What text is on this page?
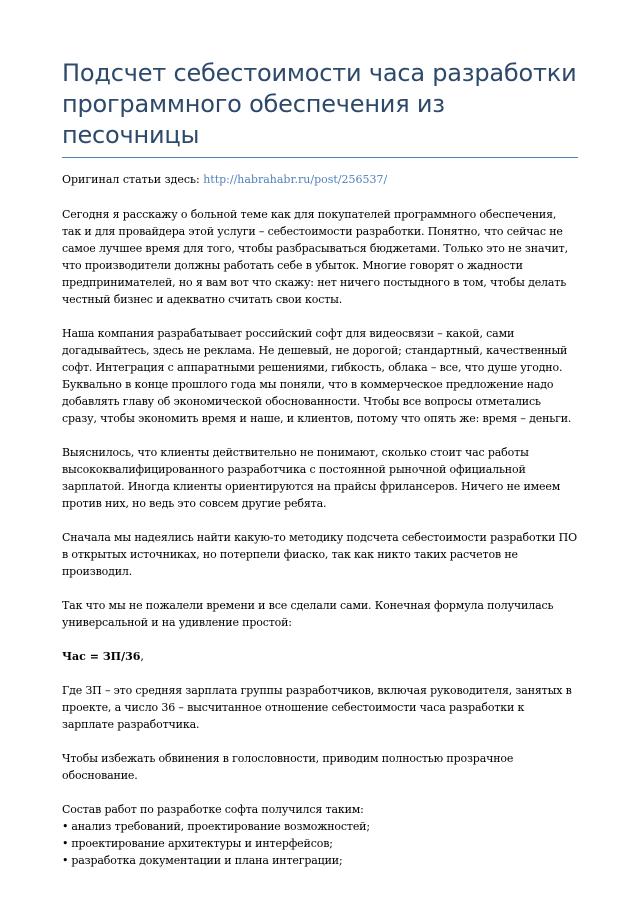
Подсчет себестоимости часа разработки программного обеспечения из песочницы
Оригинал статьи здесь: http://habrahabr.ru/post/256537/

Сегодня я расскажу о больной теме как для покупателей программного обеспечения, так и для провайдера этой услуги – себестоимости разработки. Понятно, что сейчас не самое лучшее время для того, чтобы разбрасываться бюджетами. Только это не значит, что производители должны работать себе в убыток. Многие говорят о жадности предпринимателей, но я вам вот что скажу: нет ничего постыдного в том, чтобы делать честный бизнес и адекватно считать свои косты.

Наша компания разрабатывает российский софт для видеосвязи – какой, сами догадывайтесь, здесь не реклама. Не дешевый, не дорогой; стандартный, качественный софт. Интеграция с аппаратными решениями, гибкость, облака – все, что душе угодно. Буквально в конце прошлого года мы поняли, что в коммерческое предложение надо добавлять главу об экономической обоснованности. Чтобы все вопросы отметались сразу, чтобы экономить время и наше, и клиентов, потому что опять же: время – деньги.

Выяснилось, что клиенты действительно не понимают, сколько стоит час работы высококвалифицированного разработчика с постоянной рыночной официальной зарплатой. Иногда клиенты ориентируются на прайсы фрилансеров. Ничего не имеем против них, но ведь это совсем другие ребята.

Сначала мы надеялись найти какую-то методику подсчета себестоимости разработки ПО в открытых источниках, но потерпели фиаско, так как никто таких расчетов не производил.

Так что мы не пожалели времени и все сделали сами. Конечная формула получилась универсальной и на удивление простой:

Час = ЗП/36,

Где ЗП – это средняя зарплата группы разработчиков, включая руководителя, занятых в проекте, а число 36 – высчитанное отношение себестоимости часа разработки к зарплате разработчика.

Чтобы избежать обвинения в голословности, приводим полностью прозрачное обоснование.

Состав работ по разработке софта получился таким:
• анализ требований, проектирование возможностей;
• проектирование архитектуры и интерфейсов;
• разработка документации и плана интеграции;
